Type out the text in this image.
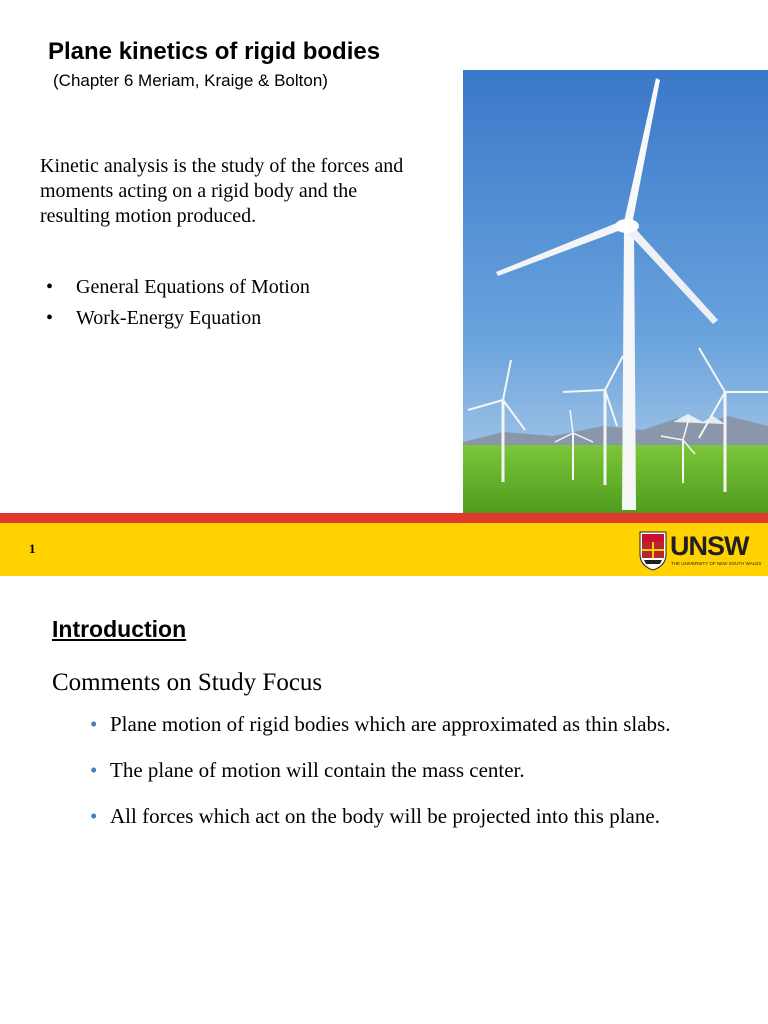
Plane kinetics of rigid bodies
(Chapter 6 Meriam, Kraige & Bolton)
Kinetic analysis is the study of the forces and
moments acting on a rigid body and the
resulting motion produced.
• General Equations of Motion
• Work-Energy Equation
1	UNSW
THE UNIVERSITY OF NEW SOUTH WALES
Introduction
Comments on Study Focus
• Plane motion of rigid bodies which are approximated as thin slabs.
• The plane of motion will contain the mass center.
• All forces which act on the body will be projected into this plane.
